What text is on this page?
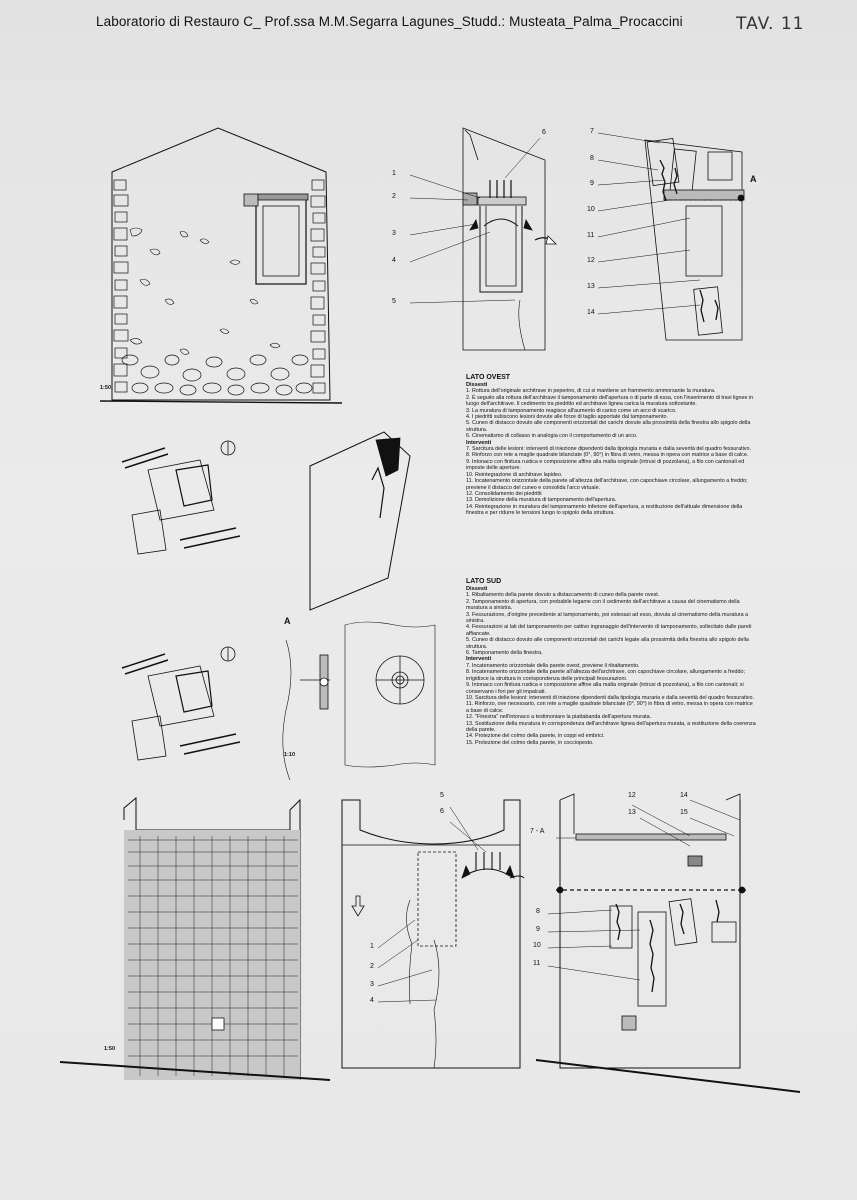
Laboratorio di Restauro C_ Prof.ssa M.M.Segarra Lagunes_Studd.: Musteata_Palma_Procaccini	TAV. 11
1:50
1:10
1:50
A
A
1
2
3
4
5
6	7
8
9
10
11
12
13
14
5
6
1
2
3
4
12
13
14
15
7 - A
8
9
10
11
LATO OVEST
Dissesti

1. Rottura dell'originale architrave in peperino, di cui si mantiene un frammento ammorsante la muratura.

2. È seguito alla rottura dell'architrave il tamponamento dell'apertura o di parte di essa, con l'inserimento di travi lignee in luogo dell'architrave. Il cedimento tra piedritto ed architrave lignea carica la muratura sottostante.

3. La muratura di tamponamento reagisce all'aumento di carico come un arco di scarico.

4. I piedritti subiscono lesioni dovute alle forze di taglio apportate dal tamponamento.

5. Cuneo di distacco dovuto alle componenti orizzontali dei carichi dovute alla prossimità della finestra allo spigolo della struttura.

6. Cinematismo di collasso in analogia con il comportamento di un arco.

Interventi

7. Sarcitura delle lesioni: interventi di iniezione dipendenti dalla tipologia muraria e dalla severità del quadro fessurativo.

8. Rinforzo con rete a maglie quadrate bilanciate (0°, 90°) in fibra di vetro, messa in opera con matrice a base di calce.

9. Intonaco con finitura rustica e composizione affine alla malta originale (intrusi di pozzolana), a filo con cantonali ed imposte delle aperture.

10. Reintegrazione di architrave lapideo.

11. Incatenamento orizzontale della parete all'altezza dell'architrave, con capochiave circolare, allungamento a freddo; previene il distacco del cuneo e consolida l'arco virtuale.

12. Consolidamento dei piedritti

13. Demolizione della muratura di tamponamento dell'apertura.

14. Reintegrazione in muratura del tamponamento inferiore dell'apertura, a restituzione dell'attuale dimensione della finestra e per ridurre le tensioni lungo lo spigolo della struttura.

LATO SUD
Dissesti

1. Ribaltamento della parete dovuto a distaccamento di cuneo della parete ovest.

2. Tamponamento di apertura, con probabile legame con il cedimento dell'architrave a causa del cinematismo della muratura a sinistra.

3. Fessurazione, d'origine precedente al tamponamento, poi estesasi ad esso, dovuta al cinematismo della muratura a sinistra.

4. Fessurazioni ai lati del tamponamento per cattivo ingranaggio dell'intervento di tamponamento, sollecitato dalle pareti affiancate.

5. Cuneo di distacco dovuto alle componenti orizzontali dei carichi legate alla prossimità della finestra allo spigolo della struttura.

6. Tamponamento della finestra.

Interventi

7. Incatenamento orizzontale della parete ovest, previene il ribaltamento.

8. Incatenamento orizzontale della parete all'altezza dell'architrave, con capochiave circolare, allungamento a freddo; irrigidisce la struttura in corrispondenza delle principali fessurazioni.

9. Intonaco con finitura rustica e composizione affine alla malta originale (intrusi di pozzolana), a filo con cantonali; si conservano i fori per gli impalcati.

10. Sarcitura delle lesioni: interventi di iniezione dipendenti dalla tipologia muraria e dalla severità del quadro fessurativo.

11. Rinforzo, ove necessario, con rete a maglie quadrate bilanciate (0°, 90°) in fibra di vetro, messa in opera con matrice a base di calce.

12. "Finestra" nell'intonaco a testimoniare la piattabanda dell'apertura murata.

13. Sostituzione della muratura in corrispondenza dell'architrave lignea dell'apertura murata, a restituzione della coerenza della parete.

14. Protezione del colmo della parete, in coppi ed embrici.

15. Protezione del colmo della parete, in cocciopesto.
